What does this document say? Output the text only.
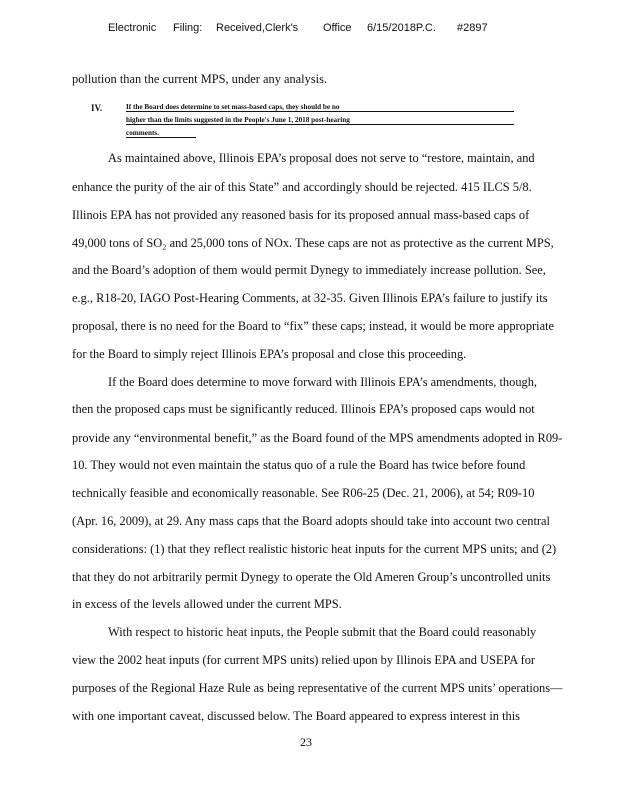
Electronic Filing: Received,Clerk's Office 6/15/2018P.C. #2897
pollution than the current MPS, under any analysis.
IV.	If the Board does determine to set mass-based caps, they should be no
higher than the limits suggested in the People's June 1, 2018 post-hearing
comments.
As maintained above, Illinois EPA’s proposal does not serve to “restore, maintain, and
enhance the purity of the air of this State” and accordingly should be rejected. 415 ILCS 5/8.
Illinois EPA has not provided any reasoned basis for its proposed annual mass-based caps of
49,000 tons of SO₂ and 25,000 tons of NOx. These caps are not as protective as the current MPS,
and the Board’s adoption of them would permit Dynegy to immediately increase pollution. See,
e.g., R18-20, IAGO Post-Hearing Comments, at 32-35. Given Illinois EPA’s failure to justify its
proposal, there is no need for the Board to “fix” these caps; instead, it would be more appropriate
for the Board to simply reject Illinois EPA’s proposal and close this proceeding.
If the Board does determine to move forward with Illinois EPA’s amendments, though,
then the proposed caps must be significantly reduced. Illinois EPA’s proposed caps would not
provide any “environmental benefit,” as the Board found of the MPS amendments adopted in R09-
10. They would not even maintain the status quo of a rule the Board has twice before found
technically feasible and economically reasonable. See R06-25 (Dec. 21, 2006), at 54; R09-10
(Apr. 16, 2009), at 29. Any mass caps that the Board adopts should take into account two central
considerations: (1) that they reflect realistic historic heat inputs for the current MPS units; and (2)
that they do not arbitrarily permit Dynegy to operate the Old Ameren Group’s uncontrolled units
in excess of the levels allowed under the current MPS.
With respect to historic heat inputs, the People submit that the Board could reasonably
view the 2002 heat inputs (for current MPS units) relied upon by Illinois EPA and USEPA for
purposes of the Regional Haze Rule as being representative of the current MPS units’ operations—
with one important caveat, discussed below. The Board appeared to express interest in this
23
